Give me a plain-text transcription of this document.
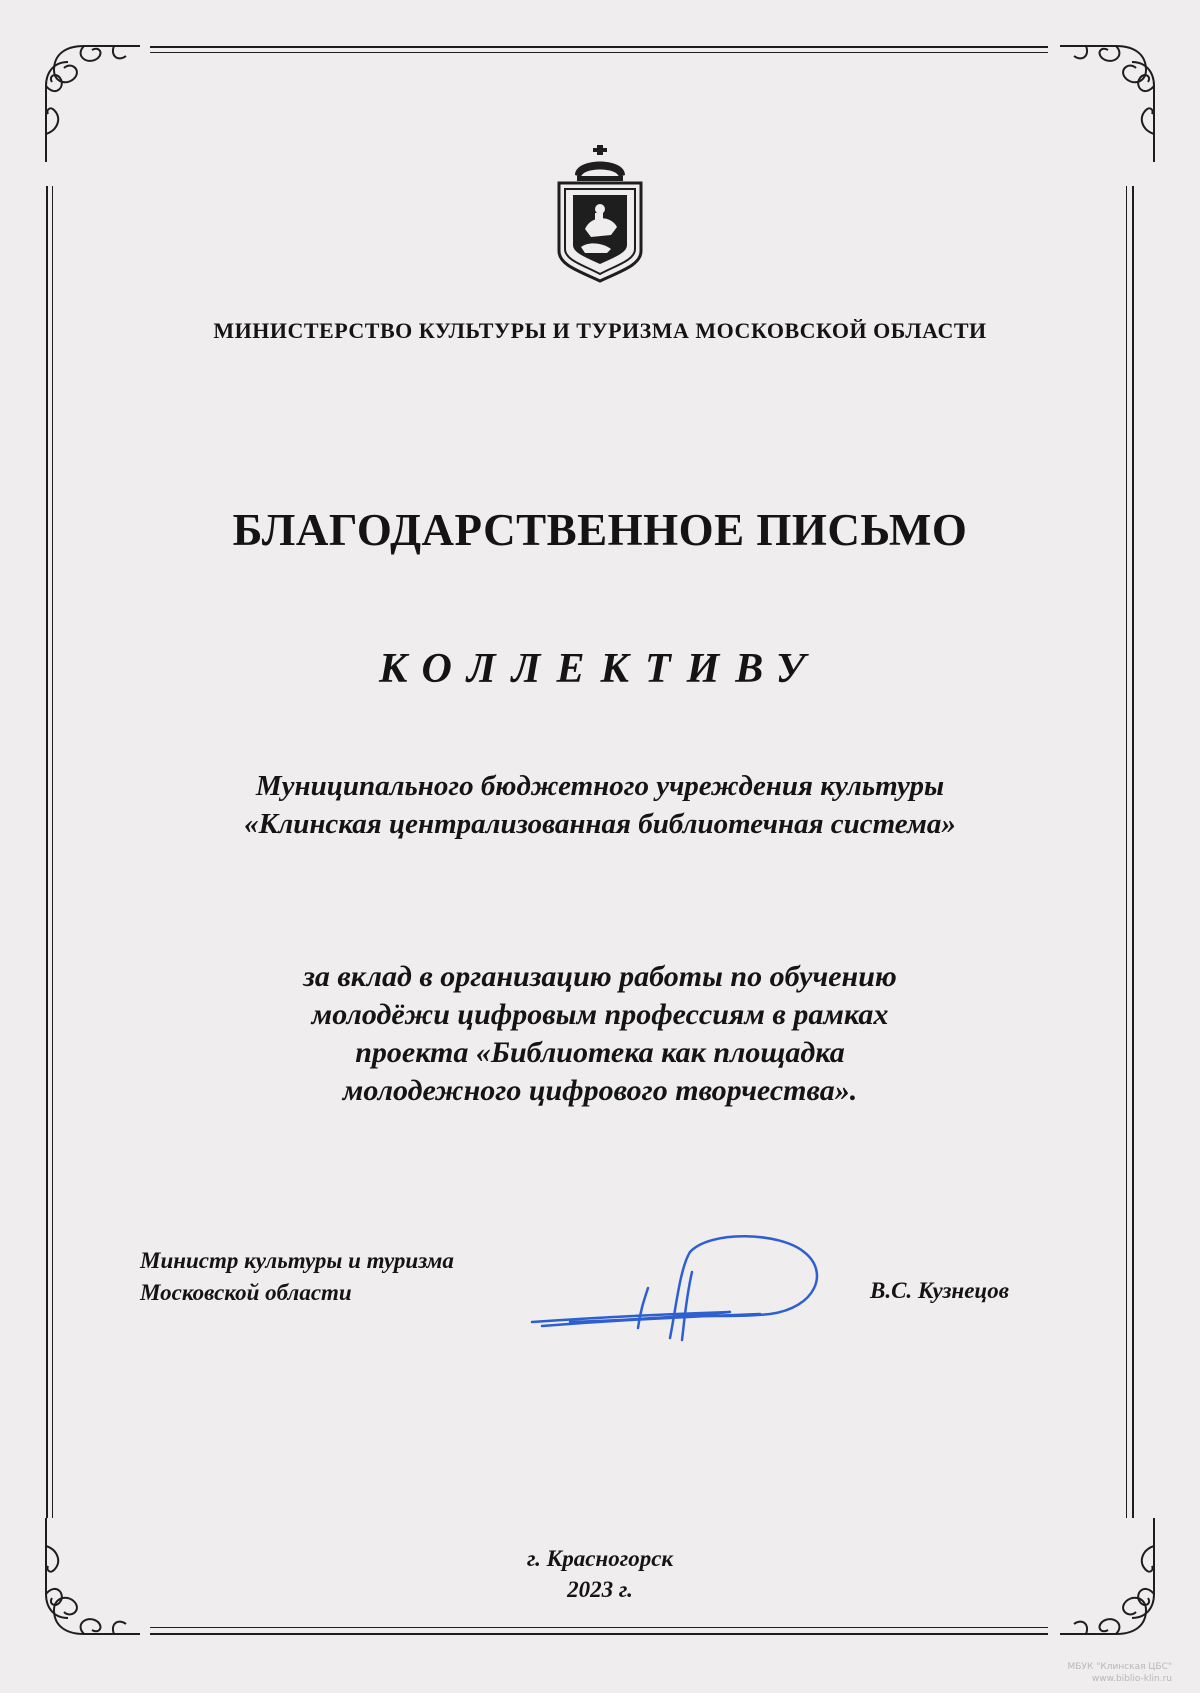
МИНИСТЕРСТВО КУЛЬТУРЫ И ТУРИЗМА МОСКОВСКОЙ ОБЛАСТИ
БЛАГОДАРСТВЕННОЕ ПИСЬМО
КОЛЛЕКТИВУ
Муниципального бюджетного учреждения культуры
«Клинская централизованная библиотечная система»
за вклад в организацию работы по обучению
молодёжи цифровым профессиям в рамках
проекта «Библиотека как площадка
молодежного цифрового творчества».
Министр культуры и туризма
Московской области	В.С. Кузнецов
г. Красногорск
2023 г.
МБУК "Клинская ЦБС"
www.biblio-klin.ru
